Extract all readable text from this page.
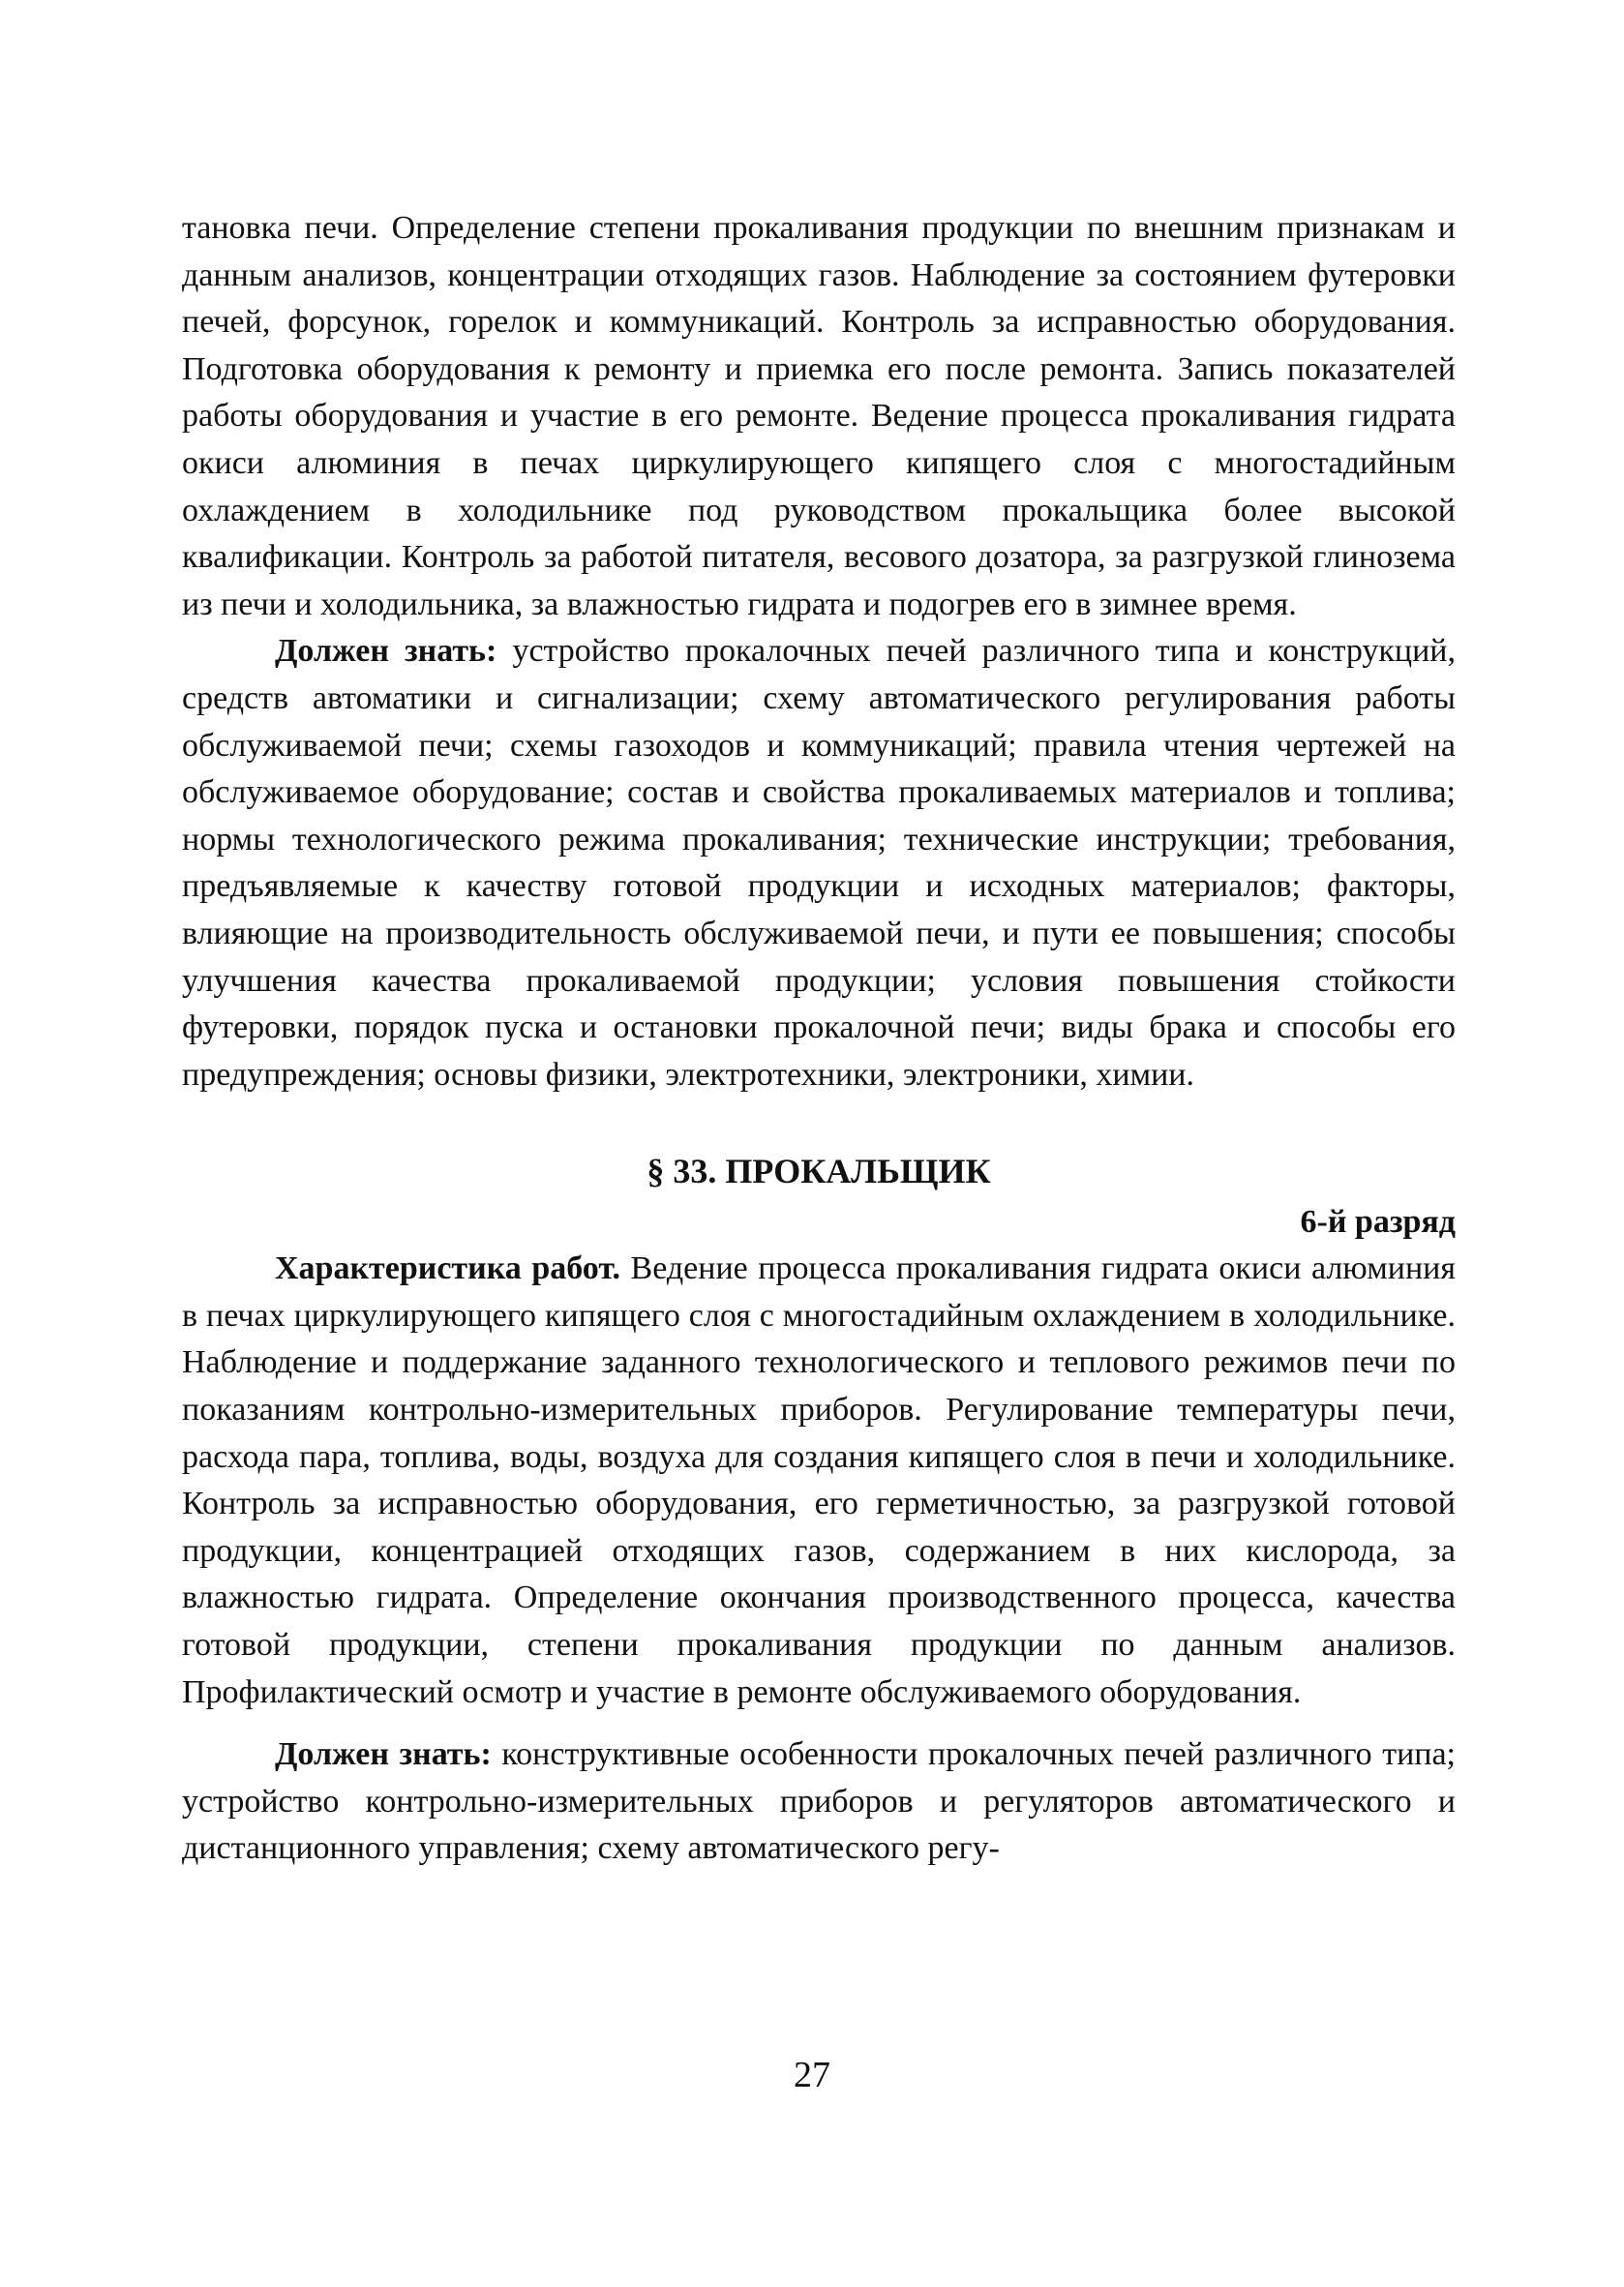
тановка печи. Определение степени прокаливания продукции по внешним признакам и данным анализов, концентрации отходящих газов. Наблюдение за состоянием футеровки печей, форсунок, горелок и коммуникаций. Контроль за исправностью оборудования. Подготовка оборудования к ремонту и приемка его после ремонта. Запись показателей работы оборудования и участие в его ремонте. Ведение процесса прокаливания гидрата окиси алюминия в печах циркулирующего кипящего слоя с многостадийным охлаждением в холодильнике под руководством прокальщика более высокой квалификации. Контроль за работой питателя, весового дозатора, за разгрузкой глинозема из печи и холодильника, за влажностью гидрата и подогрев его в зимнее время.

Должен знать: устройство прокалочных печей различного типа и конструкций, средств автоматики и сигнализации; схему автоматического регулирования работы обслуживаемой печи; схемы газоходов и коммуникаций; правила чтения чертежей на обслуживаемое оборудование; состав и свойства прокаливаемых материалов и топлива; нормы технологического режима прокаливания; технические инструкции; требования, предъявляемые к качеству готовой продукции и исходных материалов; факторы, влияющие на производительность обслуживаемой печи, и пути ее повышения; способы улучшения качества прокаливаемой продукции; условия повышения стойкости футеровки, порядок пуска и остановки прокалочной печи; виды брака и способы его предупреждения; основы физики, электротехники, электроники, химии.

§ 33. ПРОКАЛЬЩИК
6-й разряд

Характеристика работ. Ведение процесса прокаливания гидрата окиси алюминия в печах циркулирующего кипящего слоя с многостадийным охлаждением в холодильнике. Наблюдение и поддержание заданного технологического и теплового режимов печи по показаниям контрольно-измерительных приборов. Регулирование температуры печи, расхода пара, топлива, воды, воздуха для создания кипящего слоя в печи и холодильнике. Контроль за исправностью оборудования, его герметичностью, за разгрузкой готовой продукции, концентрацией отходящих газов, содержанием в них кислорода, за влажностью гидрата. Определение окончания производственного процесса, качества готовой продукции, степени прокаливания продукции по данным анализов. Профилактический осмотр и участие в ремонте обслуживаемого оборудования.

Должен знать: конструктивные особенности прокалочных печей различного типа; устройство контрольно-измерительных приборов и регуляторов автоматического и дистанционного управления; схему автоматического регу-

27
